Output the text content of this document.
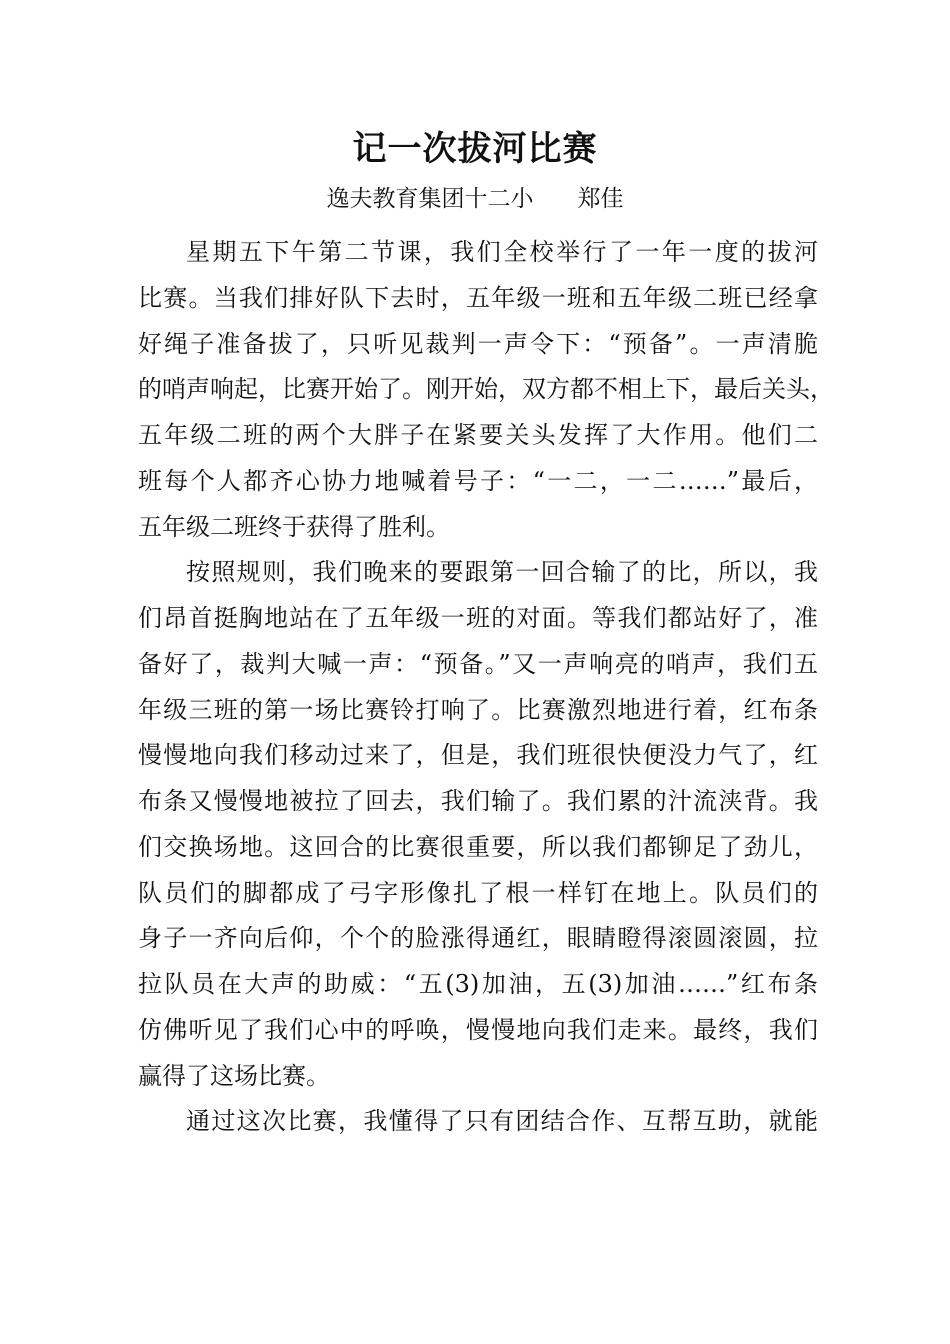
记一次拔河比赛
逸夫教育集团十二小 郑佳
星期五下午第二节课，我们全校举行了一年一度的拔河
比赛。当我们排好队下去时，五年级一班和五年级二班已经拿
好绳子准备拔了，只听见裁判一声令下：“预备”。一声清脆
的哨声响起，比赛开始了。刚开始，双方都不相上下，最后关头，
五年级二班的两个大胖子在紧要关头发挥了大作用。他们二
班每个人都齐心协力地喊着号子：“一二，一二……”最后，
五年级二班终于获得了胜利。
按照规则，我们晚来的要跟第一回合输了的比，所以，我
们昂首挺胸地站在了五年级一班的对面。等我们都站好了，准
备好了，裁判大喊一声：“预备。”又一声响亮的哨声，我们五
年级三班的第一场比赛铃打响了。比赛激烈地进行着，红布条
慢慢地向我们移动过来了，但是，我们班很快便没力气了，红
布条又慢慢地被拉了回去，我们输了。我们累的汁流浃背。我
们交换场地。这回合的比赛很重要，所以我们都铆足了劲儿，
队员们的脚都成了弓字形像扎了根一样钉在地上。队员们的
身子一齐向后仰，个个的脸涨得通红，眼睛瞪得滚圆滚圆，拉
拉队员在大声的助威：“五(3)加油，五(3)加油……”红布条
仿佛听见了我们心中的呼唤，慢慢地向我们走来。最终，我们
赢得了这场比赛。
通过这次比赛，我懂得了只有团结合作、互帮互助，就能
